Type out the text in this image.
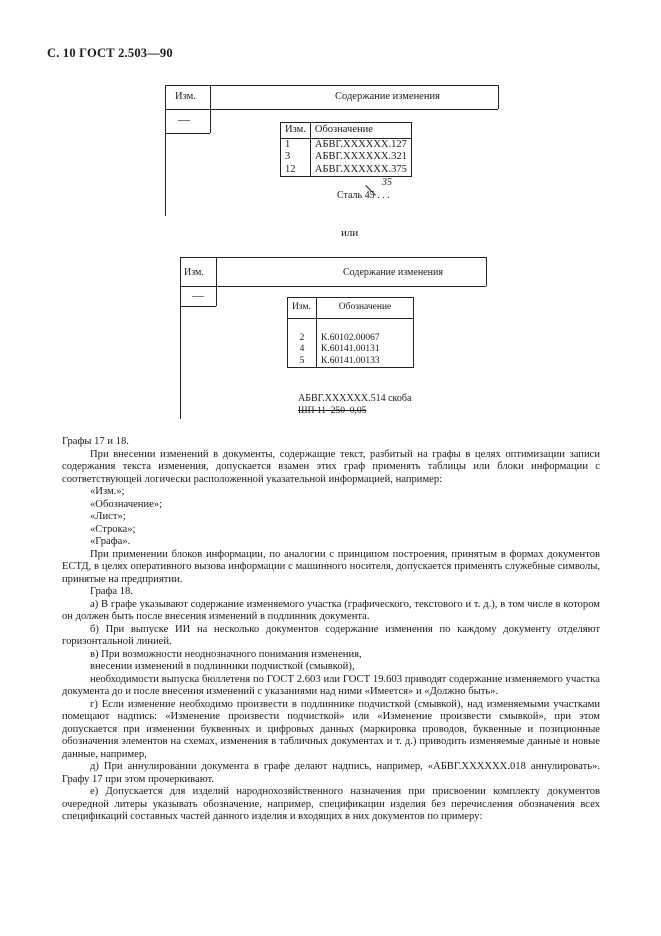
С. 10 ГОСТ 2.503—90
Изм.	Содержание изменения
—
Изм.	Обозначение
1	АБВГ.XXXXXX.127
3	АБВГ.XXXXXX.321
12	АБВГ.XXXXXX.375
35
Сталь 45 . . .
или
Изм.	Содержание изменения
—
Изм.	Обозначение

2	К.60102.00067
4	К.60141.00131
5	К.60141.00133
АБВГ.XXXXXX.514 скоба
ШП 11–250–0,05

Графы 17 и 18.

При внесении изменений в документы, содержащие текст, разбитый на графы в целях оптимизации записи содержания текста изменения, допускается взамен этих граф применять таблицы или блоки информации с соответствующей логически расположенной указательной информацией, например:

«Изм.»;

«Обозначение»;

«Лист»;

«Строка»;

«Графа».

При применении блоков информации, по аналогии с принципом построения, принятым в формах документов ЕСТД, в целях оперативного вызова информации с машинного носителя, допускается применять служебные символы, принятые на предприятии.

Графа 18.

а) В графе указывают содержание изменяемого участка (графического, текстового и т. д.), в том числе в котором он должен быть после внесения изменений в подлинник документа.

б) При выпуске ИИ на несколько документов содержание изменения по каждому документу отделяют горизонтальной линией.

в) При возможности неоднозначного понимания изменения,

внесении изменений в подлинники подчисткой (смывкой),

необходимости выпуска бюллетеня по ГОСТ 2.603 или ГОСТ 19.603 приводят содержание изменяемого участка документа до и после внесения изменений с указаниями над ними «Имеется» и «Должно быть».

г) Если изменение необходимо произвести в подлиннике подчисткой (смывкой), над изменяемыми участками помещают надпись: «Изменение произвести подчисткой» или «Изменение произвести смывкой», при этом допускается при изменении буквенных и цифровых данных (маркировка проводов, буквенные и позиционные обозначения элементов на схемах, изменения в табличных документах и т. д.) приводить изменяемые данные и новые данные, например,

д) При аннулировании документа в графе делают надпись, например, «АБВГ.XXXXXX.018 аннулировать». Графу 17 при этом прочеркивают.

е) Допускается для изделий народнохозяйственного назначения при присвоении комплекту документов очередной литеры указывать обозначение, например, спецификации изделия без перечисления обозначения всех спецификаций составных частей данного изделия и входящих в них документов по примеру:
